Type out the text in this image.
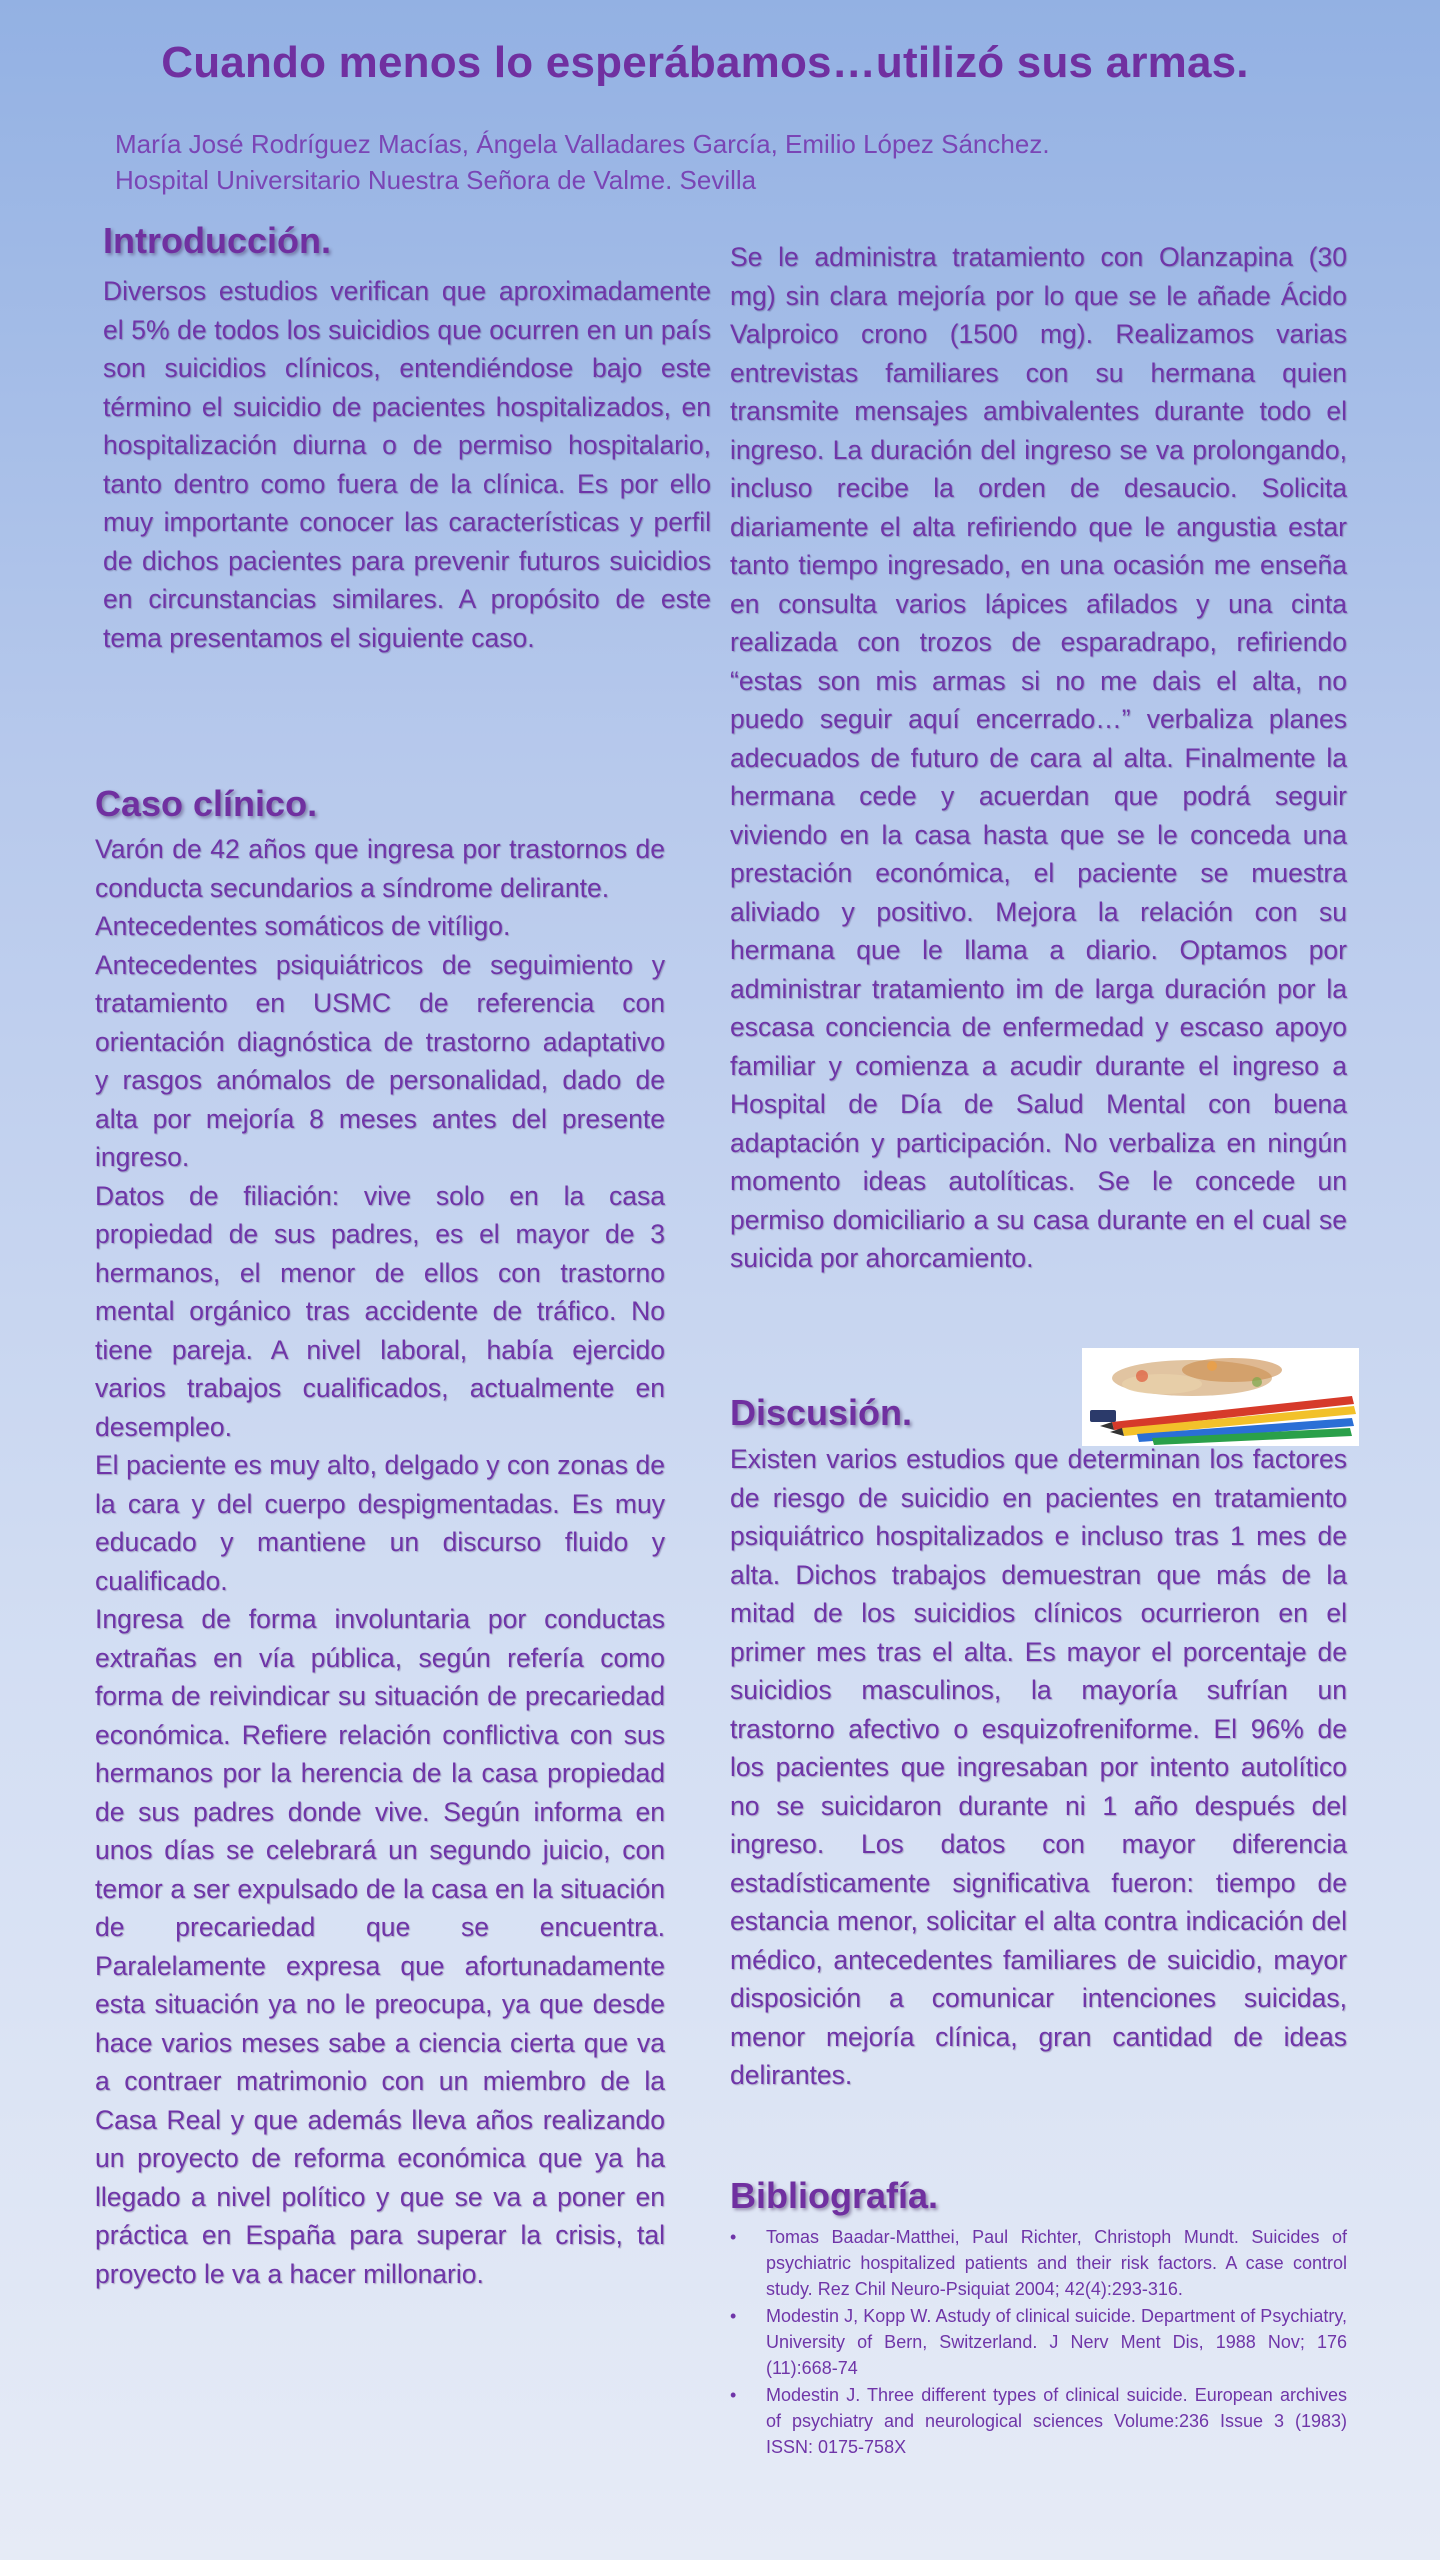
Cuando menos lo esperábamos…utilizó sus armas.
María José Rodríguez Macías, Ángela Valladares García, Emilio López Sánchez.
Hospital Universitario Nuestra Señora de Valme. Sevilla
Introducción.
Diversos estudios verifican que aproximadamente el 5% de todos los suicidios que ocurren en un país son suicidios clínicos, entendiéndose bajo este término el suicidio de pacientes hospitalizados, en hospitalización diurna o de permiso hospitalario, tanto dentro como fuera de la clínica. Es por ello muy importante conocer las características y perfil de dichos pacientes para prevenir futuros suicidios en circunstancias similares. A propósito de este tema presentamos el siguiente caso.
Caso clínico.

Varón de 42 años que ingresa por trastornos de conducta secundarios a síndrome delirante.

Antecedentes somáticos de vitíligo.

Antecedentes psiquiátricos de seguimiento y tratamiento en USMC de referencia con orientación diagnóstica de trastorno adaptativo y rasgos anómalos de personalidad, dado de alta por mejoría 8 meses antes del presente ingreso.

Datos de filiación: vive solo en la casa propiedad de sus padres, es el mayor de 3 hermanos, el menor de ellos con trastorno mental orgánico tras accidente de tráfico. No tiene pareja. A nivel laboral, había ejercido varios trabajos cualificados, actualmente en desempleo.

El paciente es muy alto, delgado y con zonas de la cara y del cuerpo despigmentadas. Es muy educado y mantiene un discurso fluido y cualificado.

Ingresa de forma involuntaria por conductas extrañas en vía pública, según refería como forma de reivindicar su situación de precariedad económica. Refiere relación conflictiva con sus hermanos por la herencia de la casa propiedad de sus padres donde vive. Según informa en unos días se celebrará un segundo juicio, con temor a ser expulsado de la casa en la situación de precariedad que se encuentra. Paralelamente expresa que afortunadamente esta situación ya no le preocupa, ya que desde hace varios meses sabe a ciencia cierta que va a contraer matrimonio con un miembro de la Casa Real y que además lleva años realizando un proyecto de reforma económica que ya ha llegado a nivel político y que se va a poner en práctica en España para superar la crisis, tal proyecto le va a hacer millonario.

Se le administra tratamiento con Olanzapina (30 mg) sin clara mejoría por lo que se le añade Ácido Valproico crono (1500 mg). Realizamos varias entrevistas familiares con su hermana quien transmite mensajes ambivalentes durante todo el ingreso. La duración del ingreso se va prolongando, incluso recibe la orden de desaucio. Solicita diariamente el alta refiriendo que le angustia estar tanto tiempo ingresado, en una ocasión me enseña en consulta varios lápices afilados y una cinta realizada con trozos de esparadrapo, refiriendo “estas son mis armas si no me dais el alta, no puedo seguir aquí encerrado…” verbaliza planes adecuados de futuro de cara al alta. Finalmente la hermana cede y acuerdan que podrá seguir viviendo en la casa hasta que se le conceda una prestación económica, el paciente se muestra aliviado y positivo. Mejora la relación con su hermana que le llama a diario. Optamos por administrar tratamiento im de larga duración por la escasa conciencia de enfermedad y escaso apoyo familiar y comienza a acudir durante el ingreso a Hospital de Día de Salud Mental con buena adaptación y participación. No verbaliza en ningún momento ideas autolíticas. Se le concede un permiso domiciliario a su casa durante en el cual se suicida por ahorcamiento.
Discusión.
Existen varios estudios que determinan los factores de riesgo de suicidio en pacientes en tratamiento psiquiátrico hospitalizados e incluso tras 1 mes de alta. Dichos trabajos demuestran que más de la mitad de los suicidios clínicos ocurrieron en el primer mes tras el alta. Es mayor el porcentaje de suicidios masculinos, la mayoría sufrían un trastorno afectivo o esquizofreniforme. El 96% de los pacientes que ingresaban por intento autolítico no se suicidaron durante ni 1 año después del ingreso. Los datos con mayor diferencia estadísticamente significativa fueron: tiempo de estancia menor, solicitar el alta contra indicación del médico, antecedentes familiares de suicidio, mayor disposición a comunicar intenciones suicidas, menor mejoría clínica, gran cantidad de ideas delirantes.
Bibliografía.
• Tomas Baadar-Matthei, Paul Richter, Christoph Mundt. Suicides of psychiatric hospitalized patients and their risk factors. A case control study. Rez Chil Neuro-Psiquiat 2004; 42(4):293-316.
• Modestin J, Kopp W. Astudy of clinical suicide. Department of Psychiatry, University of Bern, Switzerland. J Nerv Ment Dis, 1988 Nov; 176 (11):668-74
• Modestin J. Three different types of clinical suicide. European archives of psychiatry and neurological sciences Volume:236 Issue 3 (1983) ISSN: 0175-758X
